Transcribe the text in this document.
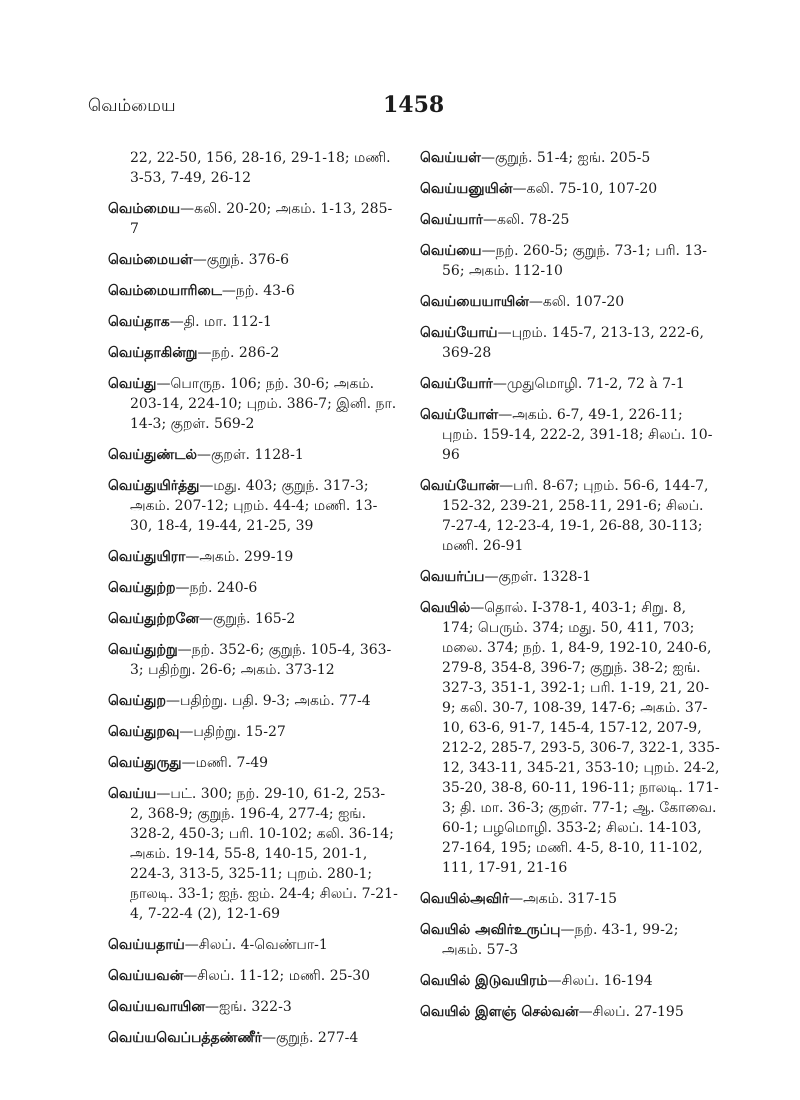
வெம்மைய	1458
22, 22-50, 156, 28-16, 29-1-18; மணி. 3-53, 7-49, 26-12
வெம்மைய—கலி. 20-20; அகம். 1-13, 285-7
வெம்மையள்—குறுந். 376-6
வெம்மையாரிடை—நற். 43-6
வெய்தாக—தி. மா. 112-1
வெய்தாகின்று—நற். 286-2
வெய்து—பொருந. 106; நற். 30-6; அகம். 203-14, 224-10; புறம். 386-7; இனி. நா. 14-3; குறள். 569-2
வெய்துண்டல்—குறள். 1128-1
வெய்துயிர்த்து—மது. 403; குறுந். 317-3; அகம். 207-12; புறம். 44-4; மணி. 13-30, 18-4, 19-44, 21-25, 39
வெய்துயிரா—அகம். 299-19
வெய்துற்ற—நற். 240-6
வெய்துற்றனே—குறுந். 165-2
வெய்துற்று—நற். 352-6; குறுந். 105-4, 363-3; பதிற்று. 26-6; அகம். 373-12
வெய்துற—பதிற்று. பதி. 9-3; அகம். 77-4
வெய்துறவு—பதிற்று. 15-27
வெய்துருது—மணி. 7-49
வெய்ய—பட். 300; நற். 29-10, 61-2, 253-2, 368-9; குறுந். 196-4, 277-4; ஐங். 328-2, 450-3; பரி. 10-102; கலி. 36-14; அகம். 19-14, 55-8, 140-15, 201-1, 224-3, 313-5, 325-11; புறம். 280-1; நாலடி. 33-1; ஐந். ஐம். 24-4; சிலப். 7-21-4, 7-22-4 (2), 12-1-69
வெய்யதாய்—சிலப். 4-வெண்பா-1
வெய்யவன்—சிலப். 11-12; மணி. 25-30
வெய்யவாயின—ஐங். 322-3
வெய்யவெப்பத்தண்ணீர்—குறுந். 277-4
வெய்யள்—குறுந். 51-4; ஐங். 205-5
வெய்யனுயின்—கலி. 75-10, 107-20
வெய்யார்—கலி. 78-25
வெய்யை—நற். 260-5; குறுந். 73-1; பரி. 13-56; அகம். 112-10
வெய்யையாயின்—கலி. 107-20
வெய்யோய்—புறம். 145-7, 213-13, 222-6, 369-28
வெய்யோர்—முதுமொழி. 71-2, 72 à 7-1
வெய்யோள்—அகம். 6-7, 49-1, 226-11; புறம். 159-14, 222-2, 391-18; சிலப். 10-96
வெய்யோன்—பரி. 8-67; புறம். 56-6, 144-7, 152-32, 239-21, 258-11, 291-6; சிலப். 7-27-4, 12-23-4, 19-1, 26-88, 30-113; மணி. 26-91
வெயர்ப்ப—குறள். 1328-1
வெயில்—தொல். I-378-1, 403-1; சிறு. 8, 174; பெரும். 374; மது. 50, 411, 703; மலை. 374; நற். 1, 84-9, 192-10, 240-6, 279-8, 354-8, 396-7; குறுந். 38-2; ஐங். 327-3, 351-1, 392-1; பரி. 1-19, 21, 20-9; கலி. 30-7, 108-39, 147-6; அகம். 37-10, 63-6, 91-7, 145-4, 157-12, 207-9, 212-2, 285-7, 293-5, 306-7, 322-1, 335-12, 343-11, 345-21, 353-10; புறம். 24-2, 35-20, 38-8, 60-11, 196-11; நாலடி. 171-3; தி. மா. 36-3; குறள். 77-1; ஆ. கோவை. 60-1; பழமொழி. 353-2; சிலப். 14-103, 27-164, 195; மணி. 4-5, 8-10, 11-102, 111, 17-91, 21-16
வெயில்அவிர்—அகம். 317-15
வெயில் அவிர்உருப்பு—நற். 43-1, 99-2; அகம். 57-3
வெயில் இடுவயிரம்—சிலப். 16-194
வெயில் இளஞ் செல்வன்—சிலப். 27-195
